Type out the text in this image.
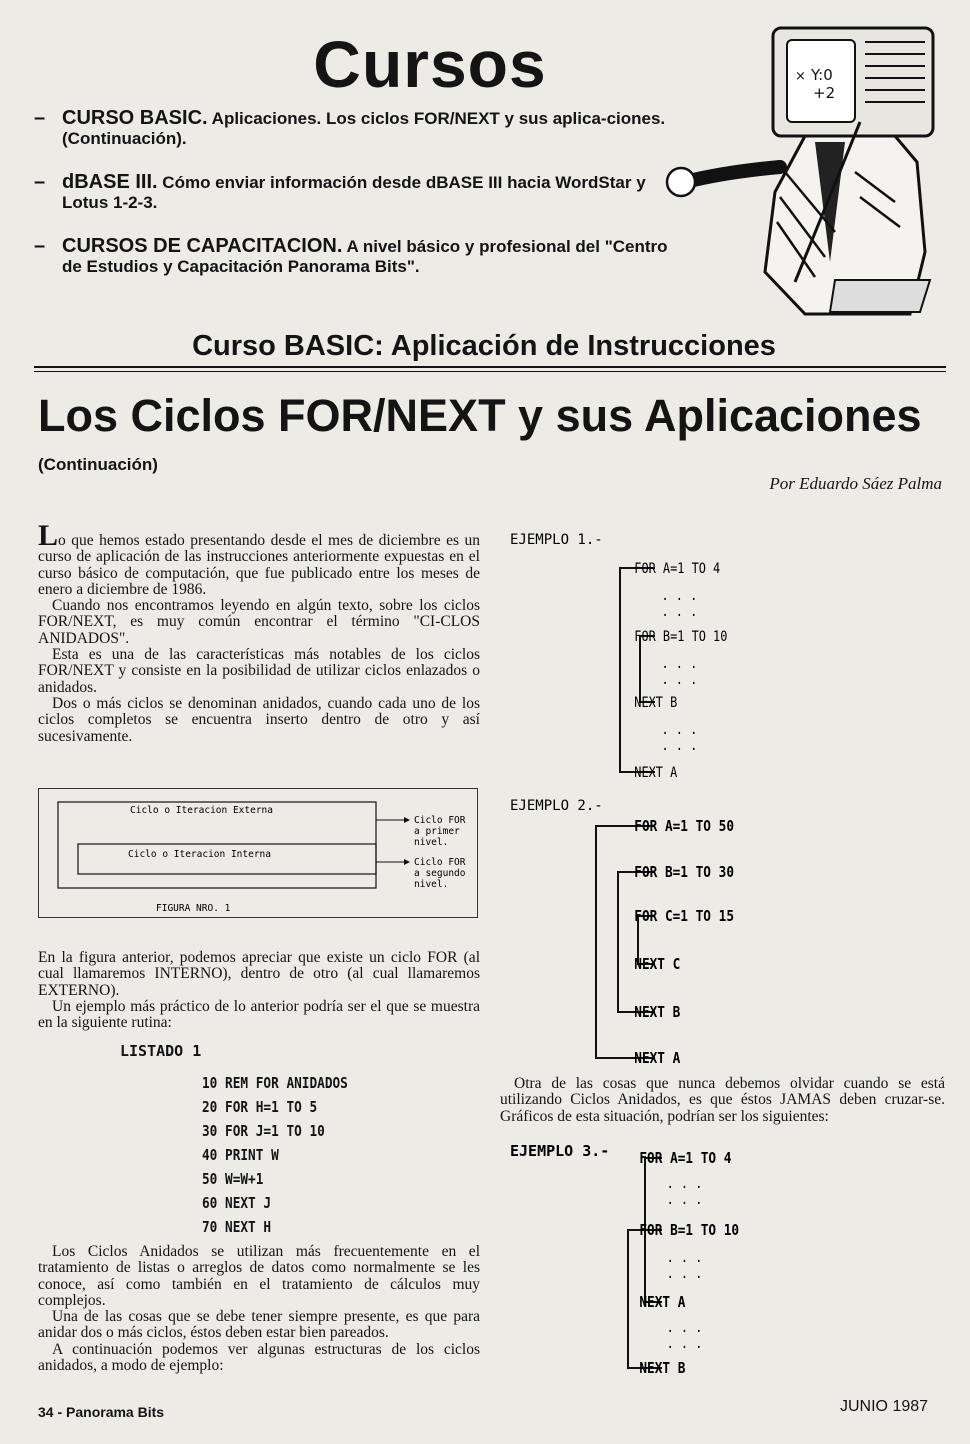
Cursos
– CURSO BASIC. Aplicaciones. Los ciclos FOR/NEXT y sus aplica-ciones. (Continuación).
– dBASE III. Cómo enviar información desde dBASE III hacia WordStar y Lotus 1-2-3.
– CURSOS DE CAPACITACION. A nivel básico y profesional del "Centro de Estudios y Capacitación Panorama Bits".
× Y:0
+2
Curso BASIC: Aplicación de Instrucciones
Los Ciclos FOR/NEXT y sus Aplicaciones
(Continuación)
Por Eduardo Sáez Palma

Lo que hemos estado presentando desde el mes de diciembre es un curso de aplicación de las instrucciones anteriormente expuestas en el curso básico de computación, que fue publicado entre los meses de enero a diciembre de 1986.

Cuando nos encontramos leyendo en algún texto, sobre los ciclos FOR/NEXT, es muy común encontrar el término "CI-CLOS ANIDADOS".

Esta es una de las características más notables de los ciclos FOR/NEXT y consiste en la posibilidad de utilizar ciclos enlazados o anidados.

Dos o más ciclos se denominan anidados, cuando cada uno de los ciclos completos se encuentra inserto dentro de otro y así sucesivamente.

Ciclo o Iteracion Externa
Ciclo o Iteracion Interna
Ciclo FOR
a primer
nivel.
Ciclo FOR
a segundo
nivel.
FIGURA NRO. 1

En la figura anterior, podemos apreciar que existe un ciclo FOR (al cual llamaremos INTERNO), dentro de otro (al cual llamaremos EXTERNO).

Un ejemplo más práctico de lo anterior podría ser el que se muestra en la siguiente rutina:

LISTADO 1
10 REM FOR ANIDADOS
20 FOR H=1 TO 5
30 FOR J=1 TO 10
40 PRINT W
50 W=W+1
60 NEXT J
70 NEXT H

Los Ciclos Anidados se utilizan más frecuentemente en el tratamiento de listas o arreglos de datos como normalmente se les conoce, así como también en el tratamiento de cálculos muy complejos.

Una de las cosas que se debe tener siempre presente, es que para anidar dos o más ciclos, éstos deben estar bien pareados.

A continuación podemos ver algunas estructuras de los ciclos anidados, a modo de ejemplo:

EJEMPLO 1.-
FOR A=1 TO 4
. . .
. . .
FOR B=1 TO 10
. . .
. . .
NEXT B
. . .
. . .
NEXT A
EJEMPLO 2.-
FOR A=1 TO 50
FOR B=1 TO 30
FOR C=1 TO 15
NEXT C
NEXT B
NEXT A
EJEMPLO 3.- FOR A=1 TO 4
. . .
. . .
FOR B=1 TO 10
. . .
. . .
NEXT A
. . .
. . .
NEXT B

Otra de las cosas que nunca debemos olvidar cuando se está utilizando Ciclos Anidados, es que éstos JAMAS deben cruzar-se. Gráficos de esta situación, podrían ser los siguientes:

34 - Panorama Bits	JUNIO 1987
